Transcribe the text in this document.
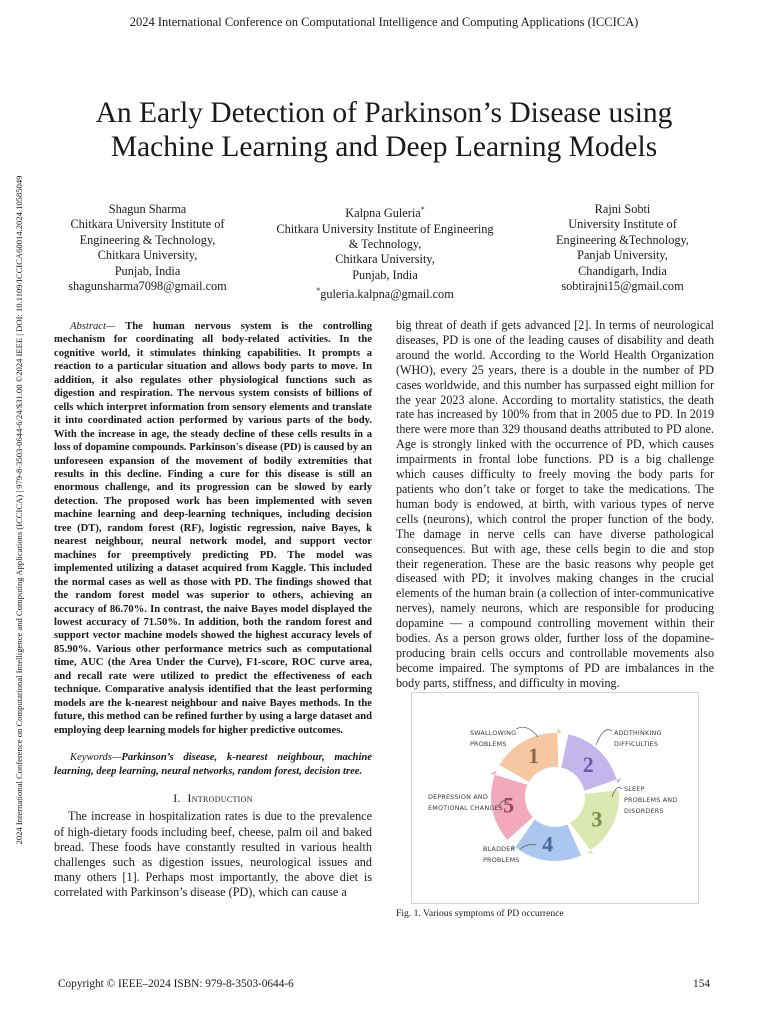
2024 International Conference on Computational Intelligence and Computing Applications (ICCICA)
2024 International Conference on Computational Intelligence and Computing Applications (ICCICA) | 979-8-3503-0644-6/24/$31.00 ©2024 IEEE | DOI: 10.1109/ICCICA60014.2024.10585049
An Early Detection of Parkinson’s Disease using
Machine Learning and Deep Learning Models
Shagun Sharma
Chitkara University Institute of
Engineering & Technology,
Chitkara University,
Punjab, India
shagunsharma7098@gmail.com
Kalpna Guleria*
Chitkara University Institute of Engineering
& Technology,
Chitkara University,
Punjab, India
*guleria.kalpna@gmail.com
Rajni Sobti
University Institute of
Engineering &Technology,
Panjab University,
Chandigarh, India
sobtirajni15@gmail.com

Abstract— The human nervous system is the controlling mechanism for coordinating all body-related activities. In the cognitive world, it stimulates thinking capabilities. It prompts a reaction to a particular situation and allows body parts to move. In addition, it also regulates other physiological functions such as digestion and respiration. The nervous system consists of billions of cells which interpret information from sensory elements and translate it into coordinated action performed by various parts of the body. With the increase in age, the steady decline of these cells results in a loss of dopamine compounds. Parkinson's disease (PD) is caused by an unforeseen expansion of the movement of bodily extremities that results in this decline. Finding a cure for this disease is still an enormous challenge, and its progression can be slowed by early detection. The proposed work has been implemented with seven machine learning and deep-learning techniques, including decision tree (DT), random forest (RF), logistic regression, naive Bayes, k nearest neighbour, neural network model, and support vector machines for preemptively predicting PD. The model was implemented utilizing a dataset acquired from Kaggle. This included the normal cases as well as those with PD. The findings showed that the random forest model was superior to others, achieving an accuracy of 86.70%. In contrast, the naive Bayes model displayed the lowest accuracy of 71.50%. In addition, both the random forest and support vector machine models showed the highest accuracy levels of 85.90%. Various other performance metrics such as computational time, AUC (the Area Under the Curve), F1-score, ROC curve area, and recall rate were utilized to predict the effectiveness of each technique. Comparative analysis identified that the least performing models are the k-nearest neighbour and naive Bayes methods. In the future, this method can be refined further by using a large dataset and employing deep learning models for higher predictive outcomes.

Keywords—Parkinson’s disease, k-nearest neighbour, machine learning, deep learning, neural networks, random forest, decision tree.

I. Introduction

The increase in hospitalization rates is due to the prevalence of high-dietary foods including beef, cheese, palm oil and baked bread. These foods have constantly resulted in various health challenges such as digestion issues, neurological issues and many others [1]. Perhaps most importantly, the above diet is correlated with Parkinson’s disease (PD), which can cause a

big threat of death if gets advanced [2]. In terms of neurological diseases, PD is one of the leading causes of disability and death around the world. According to the World Health Organization (WHO), every 25 years, there is a double in the number of PD cases worldwide, and this number has surpassed eight million for the year 2023 alone. According to mortality statistics, the death rate has increased by 100% from that in 2005 due to PD. In 2019 there were more than 329 thousand deaths attributed to PD alone. Age is strongly linked with the occurrence of PD, which causes impairments in frontal lobe functions. PD is a big challenge which causes difficulty to freely moving the body parts for patients who don’t take or forget to take the medications. The human body is endowed, at birth, with various types of nerve cells (neurons), which control the proper function of the body. The damage in nerve cells can have diverse pathological consequences. But with age, these cells begin to die and stop their regeneration. These are the basic reasons why people get diseased with PD; it involves making changes in the crucial elements of the human brain (a collection of inter-communicative nerves), namely neurons, which are responsible for producing dopamine — a compound controlling movement within their bodies. As a person grows older, further loss of the dopamine-producing brain cells occurs and controllable movements also become impaired. The symptoms of PD are imbalances in the body parts, stiffness, and difficulty in moving.

1 2
3
4
5
SWALLOWING
PROBLEMS
ADDTHINKING
DIFFICULTIES
SLEEP
PROBLEMS AND
DISORDERS
BLADDER
PROBLEMS
DEPRESSION AND
EMOTIONAL CHANGES
Fig. 1. Various symptoms of PD occurrence
Copyright © IEEE–2024 ISBN: 979-8-3503-0644-6	154
